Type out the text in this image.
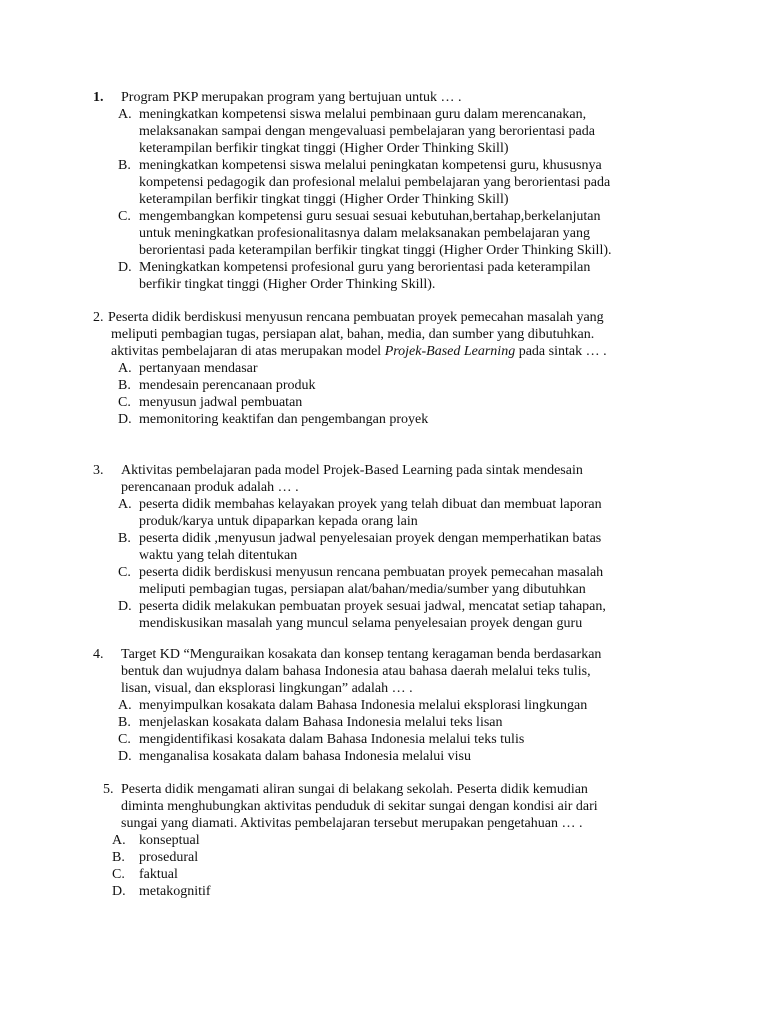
1. Program PKP merupakan program yang bertujuan untuk … .
A. meningkatkan kompetensi siswa melalui pembinaan guru dalam merencanakan,
melaksanakan sampai dengan mengevaluasi pembelajaran yang berorientasi pada
keterampilan berfikir tingkat tinggi (Higher Order Thinking Skill)
B. meningkatkan kompetensi siswa melalui peningkatan kompetensi guru, khususnya
kompetensi pedagogik dan profesional melalui pembelajaran yang berorientasi pada
keterampilan berfikir tingkat tinggi (Higher Order Thinking Skill)
C. mengembangkan kompetensi guru sesuai sesuai kebutuhan,bertahap,berkelanjutan
untuk meningkatkan profesionalitasnya dalam melaksanakan pembelajaran yang
berorientasi pada keterampilan berfikir tingkat tinggi (Higher Order Thinking Skill).
D. Meningkatkan kompetensi profesional guru yang berorientasi pada keterampilan
berfikir tingkat tinggi (Higher Order Thinking Skill).
2. Peserta didik berdiskusi menyusun rencana pembuatan proyek pemecahan masalah yang
meliputi pembagian tugas, persiapan alat, bahan, media, dan sumber yang dibutuhkan.
aktivitas pembelajaran di atas merupakan model Projek-Based Learning pada sintak … .
A. pertanyaan mendasar
B. mendesain perencanaan produk
C. menyusun jadwal pembuatan
D. memonitoring keaktifan dan pengembangan proyek
3. Aktivitas pembelajaran pada model Projek-Based Learning pada sintak mendesain
perencanaan produk adalah … .
A. peserta didik membahas kelayakan proyek yang telah dibuat dan membuat laporan
produk/karya untuk dipaparkan kepada orang lain
B. peserta didik ,menyusun jadwal penyelesaian proyek dengan memperhatikan batas
waktu yang telah ditentukan
C. peserta didik berdiskusi menyusun rencana pembuatan proyek pemecahan masalah
meliputi pembagian tugas, persiapan alat/bahan/media/sumber yang dibutuhkan
D. peserta didik melakukan pembuatan proyek sesuai jadwal, mencatat setiap tahapan,
mendiskusikan masalah yang muncul selama penyelesaian proyek dengan guru
4. Target KD “Menguraikan kosakata dan konsep tentang keragaman benda berdasarkan
bentuk dan wujudnya dalam bahasa Indonesia atau bahasa daerah melalui teks tulis,
lisan, visual, dan eksplorasi lingkungan” adalah … .
A. menyimpulkan kosakata dalam Bahasa Indonesia melalui eksplorasi lingkungan
B. menjelaskan kosakata dalam Bahasa Indonesia melalui teks lisan
C. mengidentifikasi kosakata dalam Bahasa Indonesia melalui teks tulis
D. menganalisa kosakata dalam bahasa Indonesia melalui visu
5. Peserta didik mengamati aliran sungai di belakang sekolah. Peserta didik kemudian
diminta menghubungkan aktivitas penduduk di sekitar sungai dengan kondisi air dari
sungai yang diamati. Aktivitas pembelajaran tersebut merupakan pengetahuan … .
A. konseptual
B. prosedural
C. faktual
D. metakognitif
